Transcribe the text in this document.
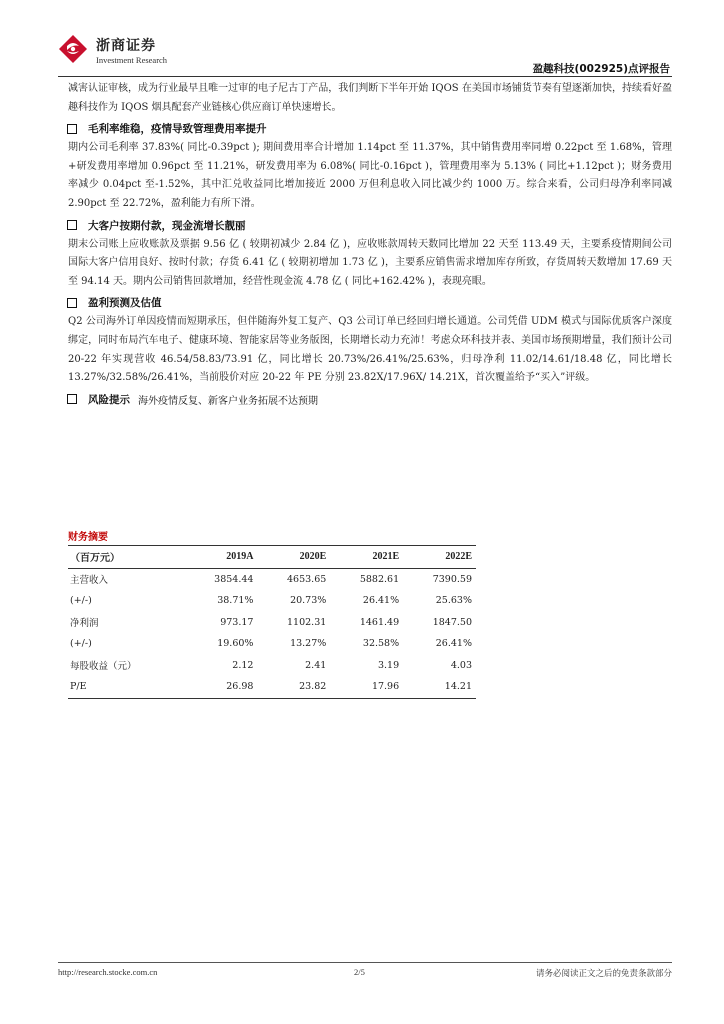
浙商证券
Investment Research
盈趣科技(002925)点评报告

减害认证审核，成为行业最早且唯一过审的电子尼古丁产品，我们判断下半年开始 IQOS 在美国市场铺货节奏有望逐渐加快，持续看好盈趣科技作为 IQOS 烟具配套产业链核心供应商订单快速增长。

毛利率维稳，疫情导致管理费用率提升

期内公司毛利率 37.83%( 同比-0.39pct ); 期间费用率合计增加 1.14pct 至 11.37%，其中销售费用率同增 0.22pct 至 1.68%，管理+研发费用率增加 0.96pct 至 11.21%，研发费用率为 6.08%( 同比-0.16pct )，管理费用率为 5.13% ( 同比+1.12pct )；财务费用率减少 0.04pct 至-1.52%，其中汇兑收益同比增加接近 2000 万但利息收入同比减少约 1000 万。综合来看，公司归母净利率同减 2.90pct 至 22.72%，盈利能力有所下滑。

大客户按期付款，现金流增长靓丽

期末公司账上应收账款及票据 9.56 亿 ( 较期初减少 2.84 亿 )，应收账款周转天数同比增加 22 天至 113.49 天，主要系疫情期间公司国际大客户信用良好、按时付款；存货 6.41 亿 ( 较期初增加 1.73 亿 )，主要系应销售需求增加库存所致，存货周转天数增加 17.69 天至 94.14 天。期内公司销售回款增加，经营性现金流 4.78 亿 ( 同比+162.42% )，表现亮眼。

盈利预测及估值

Q2 公司海外订单因疫情而短期承压，但伴随海外复工复产、Q3 公司订单已经回归增长通道。公司凭借 UDM 模式与国际优质客户深度绑定，同时布局汽车电子、健康环境、智能家居等业务版图，长期增长动力充沛！考虑众环科技并表、美国市场预期增量，我们预计公司 20-22 年实现营收 46.54/58.83/73.91 亿，同比增长 20.73%/26.41%/25.63%，归母净利 11.02/14.61/18.48 亿，同比增长 13.27%/32.58%/26.41%，当前股价对应 20-22 年 PE 分别 23.82X/17.96X/ 14.21X，首次覆盖给予“买入”评级。

风险提示 海外疫情反复、新客户业务拓展不达预期
财务摘要
（百万元）	2019A	2020E	2021E	2022E
主营收入	3854.44	4653.65	5882.61	7390.59
(+/-)	38.71%	20.73%	26.41%	25.63%
净利润	973.17	1102.31	1461.49	1847.50
(+/-)	19.60%	13.27%	32.58%	26.41%
每股收益（元）	2.12	2.41	3.19	4.03
P/E	26.98	23.82	17.96	14.21
http://research.stocke.com.cn	2/5	请务必阅读正文之后的免责条款部分
